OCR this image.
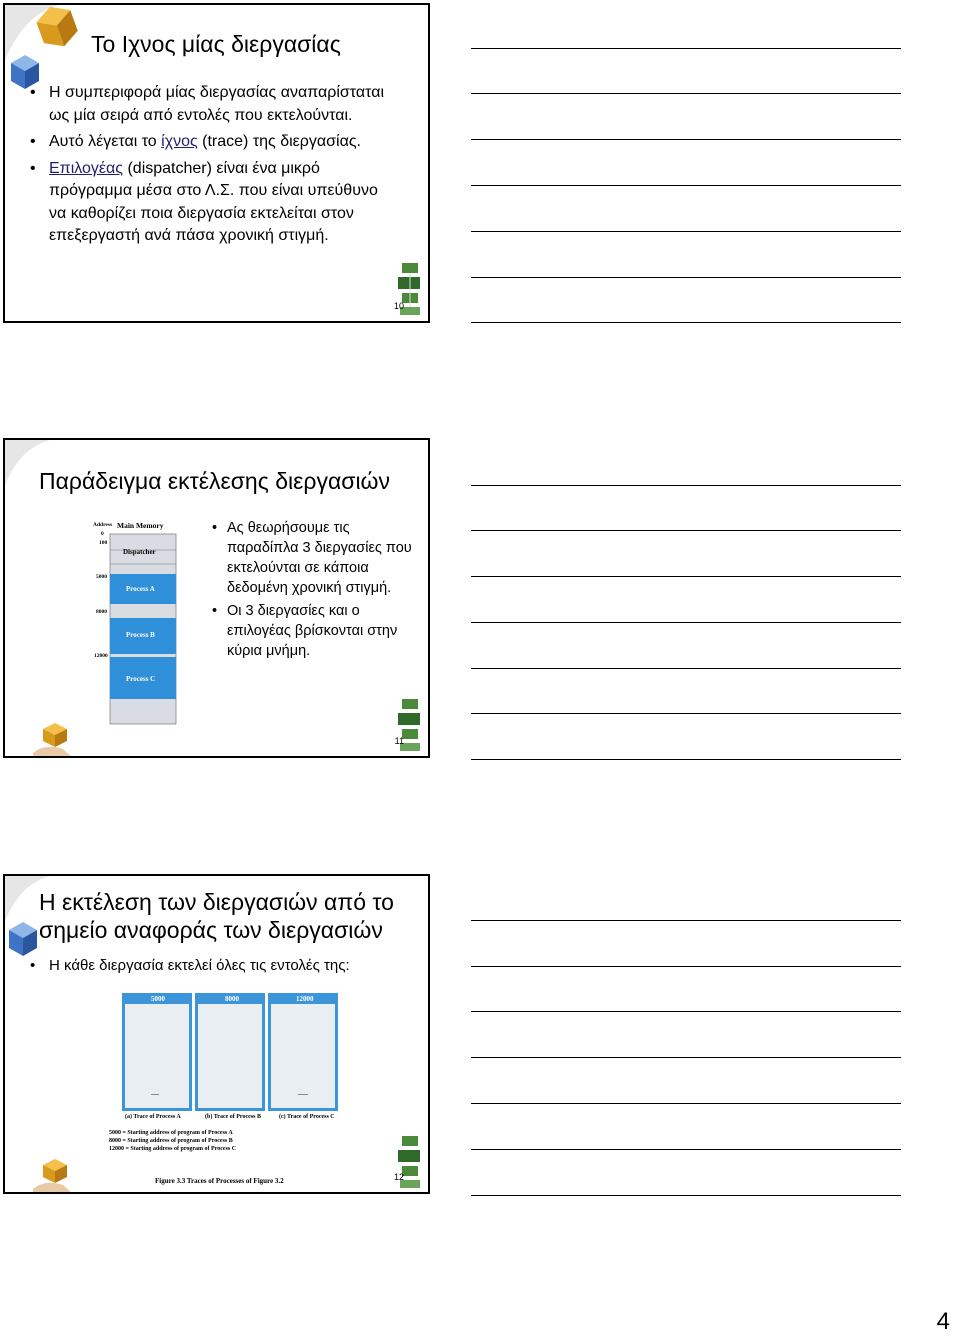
Το Ιχνος μίας διεργασίας
• Η συμπεριφορά μίας διεργασίας αναπαρίσταται ως μία σειρά από εντολές που εκτελούνται.
• Αυτό λέγεται το ίχνος (trace) της διεργασίας.
• Επιλογέας (dispatcher) είναι ένα μικρό πρόγραμμα μέσα στο Λ.Σ. που είναι υπεύθυνο να καθορίζει ποια διεργασία εκτελείται στον επεξεργαστή ανά πάσα χρονική στιγμή.
10
Παράδειγμα εκτέλεσης διεργασιών
Address Main Memory
0
100
5000
8000
12000
Dispatcher
Process A
Process B
Process C
• Ας θεωρήσουμε τις παραδίπλα 3 διεργασίες που εκτελούνται σε κάποια δεδομένη χρονική στιγμή.
• Οι 3 διεργασίες και ο επιλογέας βρίσκονται στην κύρια μνήμη.
11
Η εκτέλεση των διεργασιών από το
σημείο αναφοράς των διεργασιών
• Η κάθε διεργασία εκτελεί όλες τις εντολές της:
5000	8000	12000
----	-----
(a) Trace of Process A	(b) Trace of Process B	(c) Trace of Process C
5000 = Starting address of program of Process A
8000 = Starting address of program of Process B
12000 = Starting address of program of Process C
Figure 3.3 Traces of Processes of Figure 3.2	12
4
